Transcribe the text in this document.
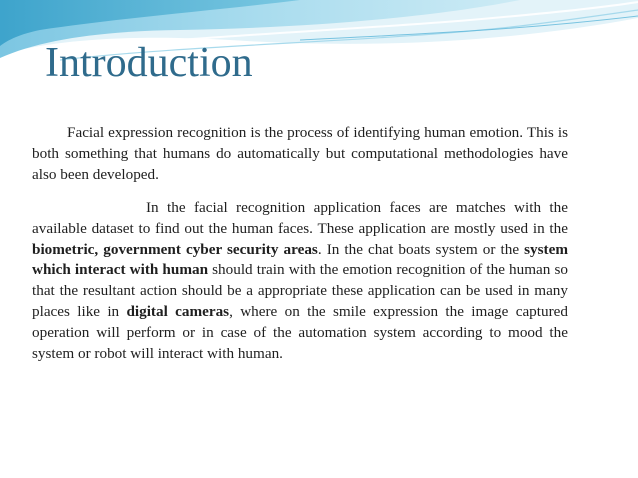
Introduction

Facial expression recognition is the process of identifying human emotion. This is both something that humans do automatically but computational methodologies have also been developed.

In the facial recognition application faces are matches with the available dataset to find out the human faces. These application are mostly used in the biometric, government cyber security areas. In the chat boats system or the system which interact with human should train with the emotion recognition of the human so that the resultant action should be a appropriate these application can be used in many places like in digital cameras, where on the smile expression the image captured operation will perform or in case of the automation system according to mood the system or robot will interact with human.
